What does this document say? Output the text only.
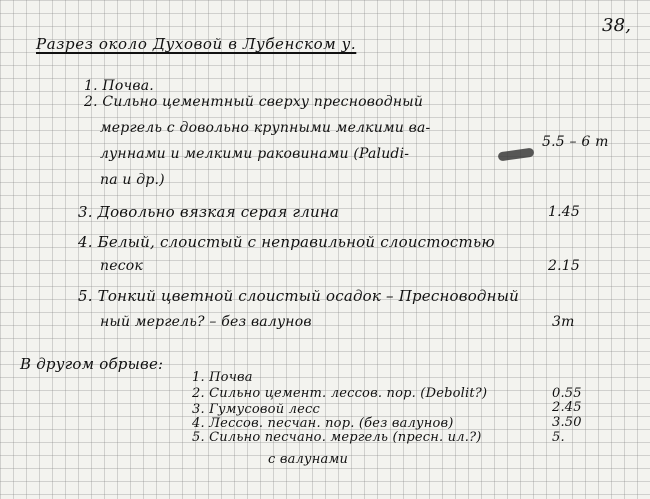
38,
Разрез около Духовой в Лубенском у.
1. Почва.
2. Сильно цементный сверху пресноводный
мергель с довольно крупными мелкими ва-
луннами и мелкими раковинами (Paludi-
5.5 – 6 m
na и др.)
3. Довольно вязкая серая глина	1.45
4. Белый, слоистый с неправильной слоистостью
песок	2.15
5. Тонкий цветной слоистый осадок – Пресноводный
ный мергель? – без валунов	3m
В другом обрыве:
1. Почва
2. Сильно цемент. лессов. пор. (Debolit?)	0.55
3. Гумусовой лесс	2.45
4. Лессов. песчан. пор. (без валунов)	3.50
5. Сильно песчано. мергель (пресн. ил.?)	5.
с валунами
